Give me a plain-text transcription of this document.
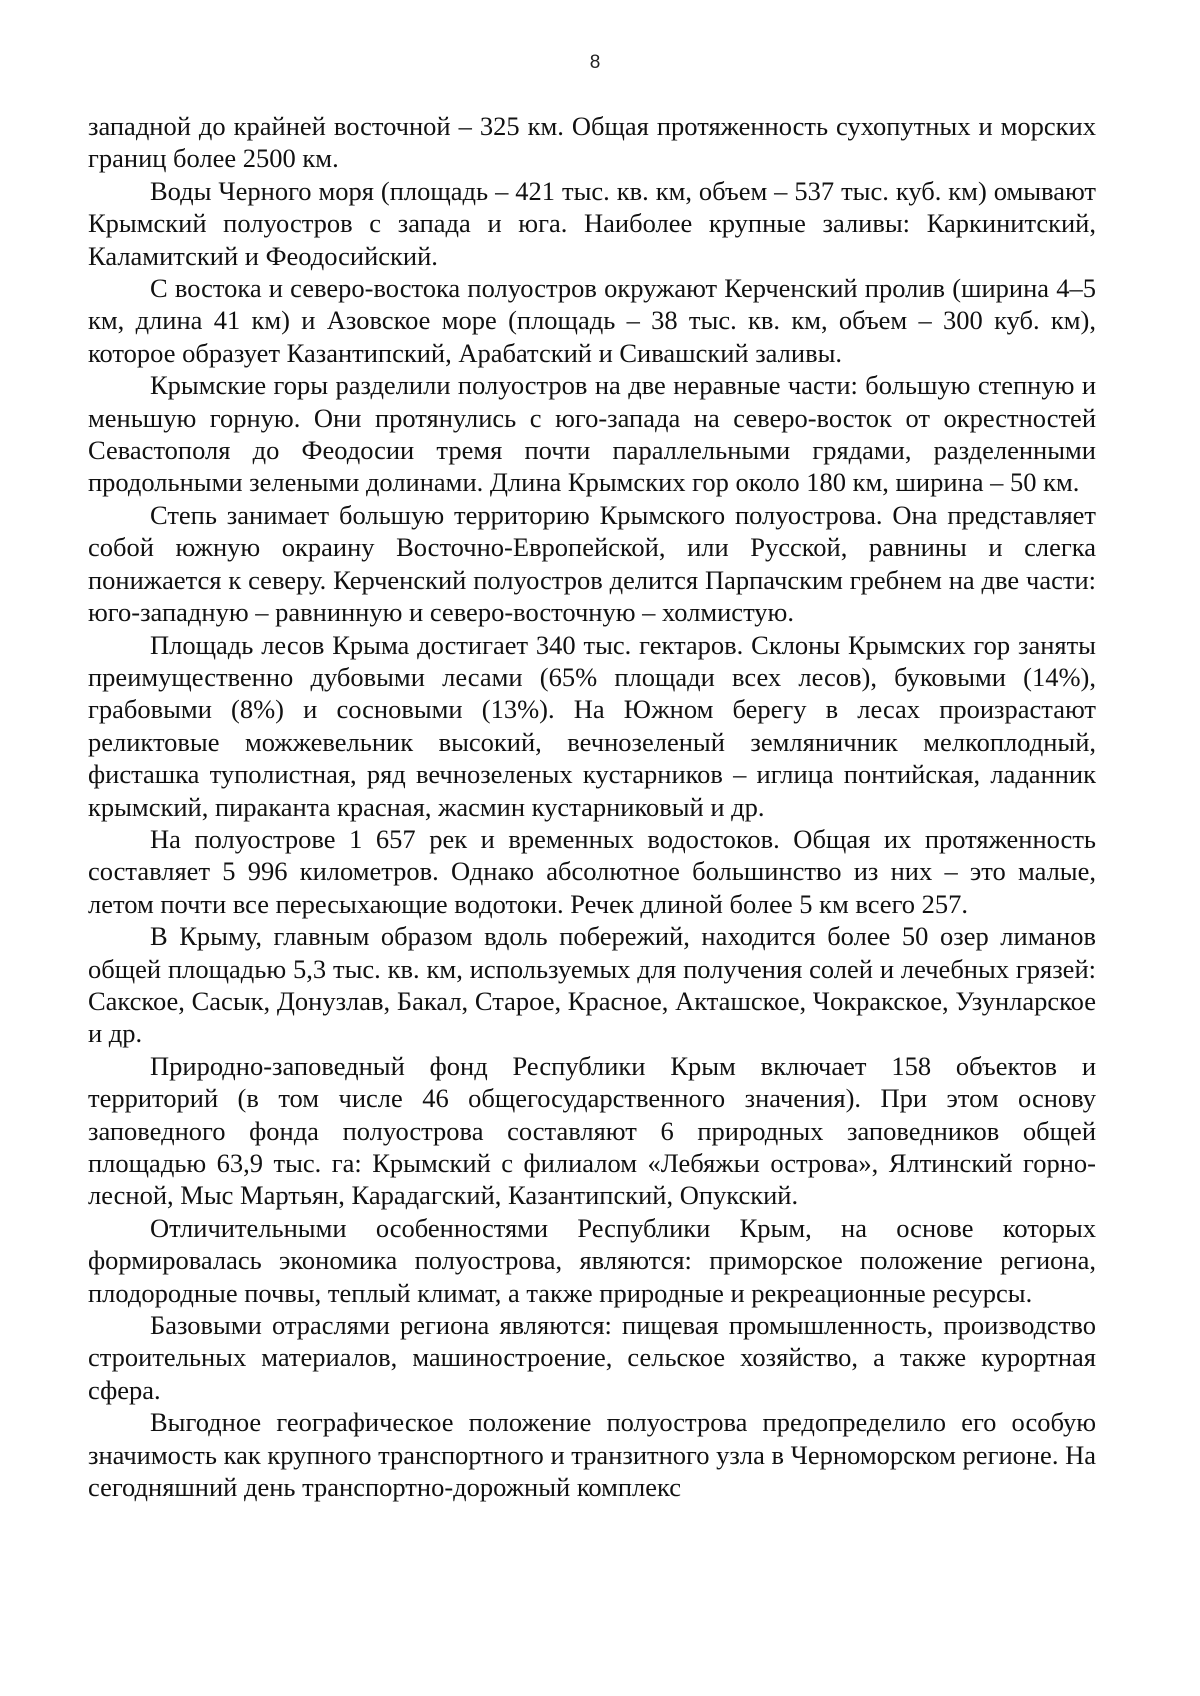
8

западной до крайней восточной – 325 км. Общая протяженность сухопутных и морских границ более 2500 км.

Воды Черного моря (площадь – 421 тыс. кв. км, объем – 537 тыс. куб. км) омывают Крымский полуостров с запада и юга. Наиболее крупные заливы: Каркинитский, Каламитский и Феодосийский.

С востока и северо-востока полуостров окружают Керченский пролив (ширина 4–5 км, длина 41 км) и Азовское море (площадь – 38 тыс. кв. км, объем – 300 куб. км), которое образует Казантипский, Арабатский и Сивашский заливы.

Крымские горы разделили полуостров на две неравные части: большую степную и меньшую горную. Они протянулись с юго-запада на северо-восток от окрестностей Севастополя до Феодосии тремя почти параллельными грядами, разделенными продольными зелеными долинами. Длина Крымских гор около 180 км, ширина – 50 км.

Степь занимает большую территорию Крымского полуострова. Она представляет собой южную окраину Восточно-Европейской, или Русской, равнины и слегка понижается к северу. Керченский полуостров делится Парпачским гребнем на две части: юго-западную – равнинную и северо-восточную – холмистую.

Площадь лесов Крыма достигает 340 тыс. гектаров. Склоны Крымских гор заняты преимущественно дубовыми лесами (65% площади всех лесов), буковыми (14%), грабовыми (8%) и сосновыми (13%). На Южном берегу в лесах произрастают реликтовые можжевельник высокий, вечнозеленый земляничник мелкоплодный, фисташка туполистная, ряд вечнозеленых кустарников – иглица понтийская, ладанник крымский, пираканта красная, жасмин кустарниковый и др.

На полуострове 1 657 рек и временных водостоков. Общая их протяженность составляет 5 996 километров. Однако абсолютное большинство из них – это малые, летом почти все пересыхающие водотоки. Речек длиной более 5 км всего 257.

В Крыму, главным образом вдоль побережий, находится более 50 озер лиманов общей площадью 5,3 тыс. кв. км, используемых для получения солей и лечебных грязей: Сакское, Сасык, Донузлав, Бакал, Старое, Красное, Акташское, Чокракское, Узунларское и др.

Природно-заповедный фонд Республики Крым включает 158 объектов и территорий (в том числе 46 общегосударственного значения). При этом основу заповедного фонда полуострова составляют 6 природных заповедников общей площадью 63,9 тыс. га: Крымский с филиалом «Лебяжьи острова», Ялтинский горно-лесной, Мыс Мартьян, Карадагский, Казантипский, Опукский.

Отличительными особенностями Республики Крым, на основе которых формировалась экономика полуострова, являются: приморское положение региона, плодородные почвы, теплый климат, а также природные и рекреационные ресурсы.

Базовыми отраслями региона являются: пищевая промышленность, производство строительных материалов, машиностроение, сельское хозяйство, а также курортная сфера.

Выгодное географическое положение полуострова предопределило его особую значимость как крупного транспортного и транзитного узла в Черноморском регионе. На сегодняшний день транспортно-дорожный комплекс
